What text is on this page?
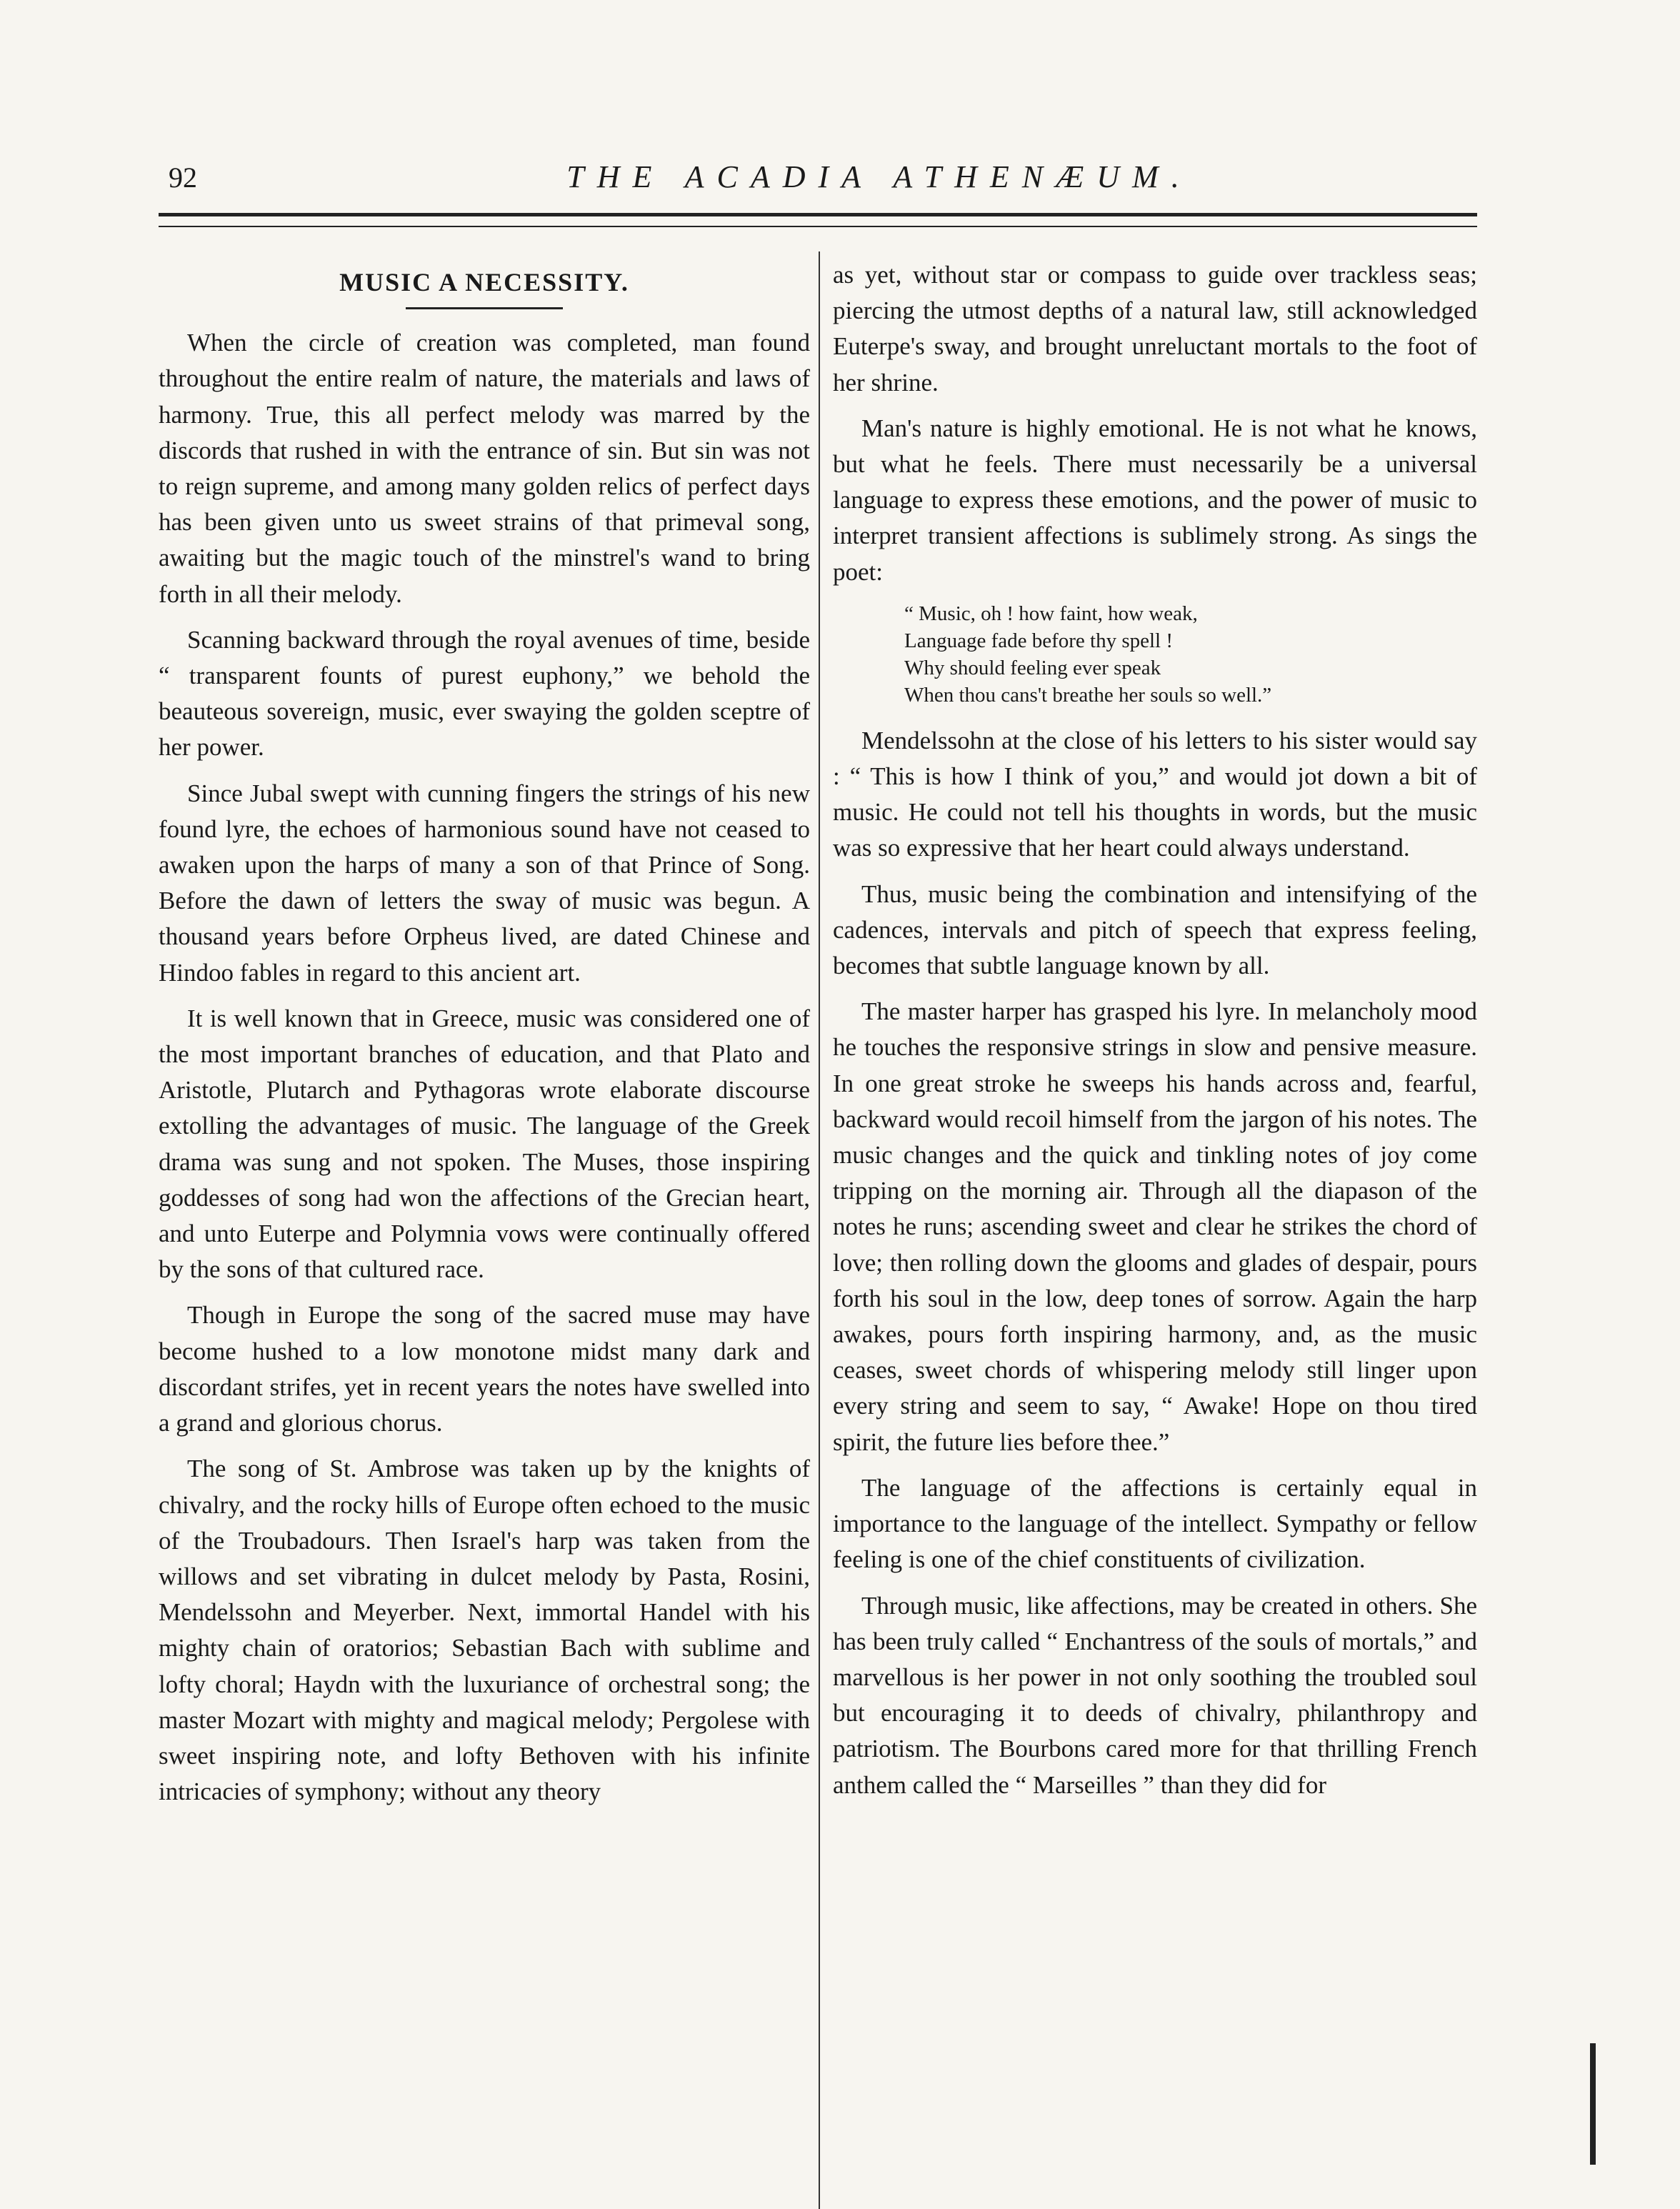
92	THE ACADIA ATHENÆUM.
MUSIC A NECESSITY.

When the circle of creation was completed, man found throughout the entire realm of nature, the materials and laws of harmony. True, this all perfect melody was marred by the discords that rushed in with the entrance of sin. But sin was not to reign supreme, and among many golden relics of perfect days has been given unto us sweet strains of that primeval song, awaiting but the magic touch of the minstrel's wand to bring forth in all their melody.

Scanning backward through the royal avenues of time, beside “ transparent founts of purest euphony,” we behold the beauteous sovereign, music, ever swaying the golden sceptre of her power.

Since Jubal swept with cunning fingers the strings of his new found lyre, the echoes of harmonious sound have not ceased to awaken upon the harps of many a son of that Prince of Song. Before the dawn of letters the sway of music was begun. A thousand years before Orpheus lived, are dated Chinese and Hindoo fables in regard to this ancient art.

It is well known that in Greece, music was considered one of the most important branches of education, and that Plato and Aristotle, Plutarch and Pythagoras wrote elaborate discourse extolling the advantages of music. The language of the Greek drama was sung and not spoken. The Muses, those inspiring goddesses of song had won the affections of the Grecian heart, and unto Euterpe and Polymnia vows were continually offered by the sons of that cultured race.

Though in Europe the song of the sacred muse may have become hushed to a low monotone midst many dark and discordant strifes, yet in recent years the notes have swelled into a grand and glorious chorus.

The song of St. Ambrose was taken up by the knights of chivalry, and the rocky hills of Europe often echoed to the music of the Troubadours. Then Israel's harp was taken from the willows and set vibrating in dulcet melody by Pasta, Rosini, Mendelssohn and Meyerber. Next, immortal Handel with his mighty chain of oratorios; Sebastian Bach with sublime and lofty choral; Haydn with the luxuriance of orchestral song; the master Mozart with mighty and magical melody; Pergolese with sweet inspiring note, and lofty Bethoven with his infinite intricacies of symphony; without any theory

as yet, without star or compass to guide over trackless seas; piercing the utmost depths of a natural law, still acknowledged Euterpe's sway, and brought unreluctant mortals to the foot of her shrine.

Man's nature is highly emotional. He is not what he knows, but what he feels. There must necessarily be a universal language to express these emotions, and the power of music to interpret transient affections is sublimely strong. As sings the poet:

“ Music, oh ! how faint, how weak,
Language fade before thy spell !
Why should feeling ever speak
When thou cans't breathe her souls so well.”

Mendelssohn at the close of his letters to his sister would say : “ This is how I think of you,” and would jot down a bit of music. He could not tell his thoughts in words, but the music was so expressive that her heart could always understand.

Thus, music being the combination and intensifying of the cadences, intervals and pitch of speech that express feeling, becomes that subtle language known by all.

The master harper has grasped his lyre. In melancholy mood he touches the responsive strings in slow and pensive measure. In one great stroke he sweeps his hands across and, fearful, backward would recoil himself from the jargon of his notes. The music changes and the quick and tinkling notes of joy come tripping on the morning air. Through all the diapason of the notes he runs; ascending sweet and clear he strikes the chord of love; then rolling down the glooms and glades of despair, pours forth his soul in the low, deep tones of sorrow. Again the harp awakes, pours forth inspiring harmony, and, as the music ceases, sweet chords of whispering melody still linger upon every string and seem to say, “ Awake! Hope on thou tired spirit, the future lies before thee.”

The language of the affections is certainly equal in importance to the language of the intellect. Sympathy or fellow feeling is one of the chief constituents of civilization.

Through music, like affections, may be created in others. She has been truly called “ Enchantress of the souls of mortals,” and marvellous is her power in not only soothing the troubled soul but encouraging it to deeds of chivalry, philanthropy and patriotism. The Bourbons cared more for that thrilling French anthem called the “ Marseilles ” than they did for
